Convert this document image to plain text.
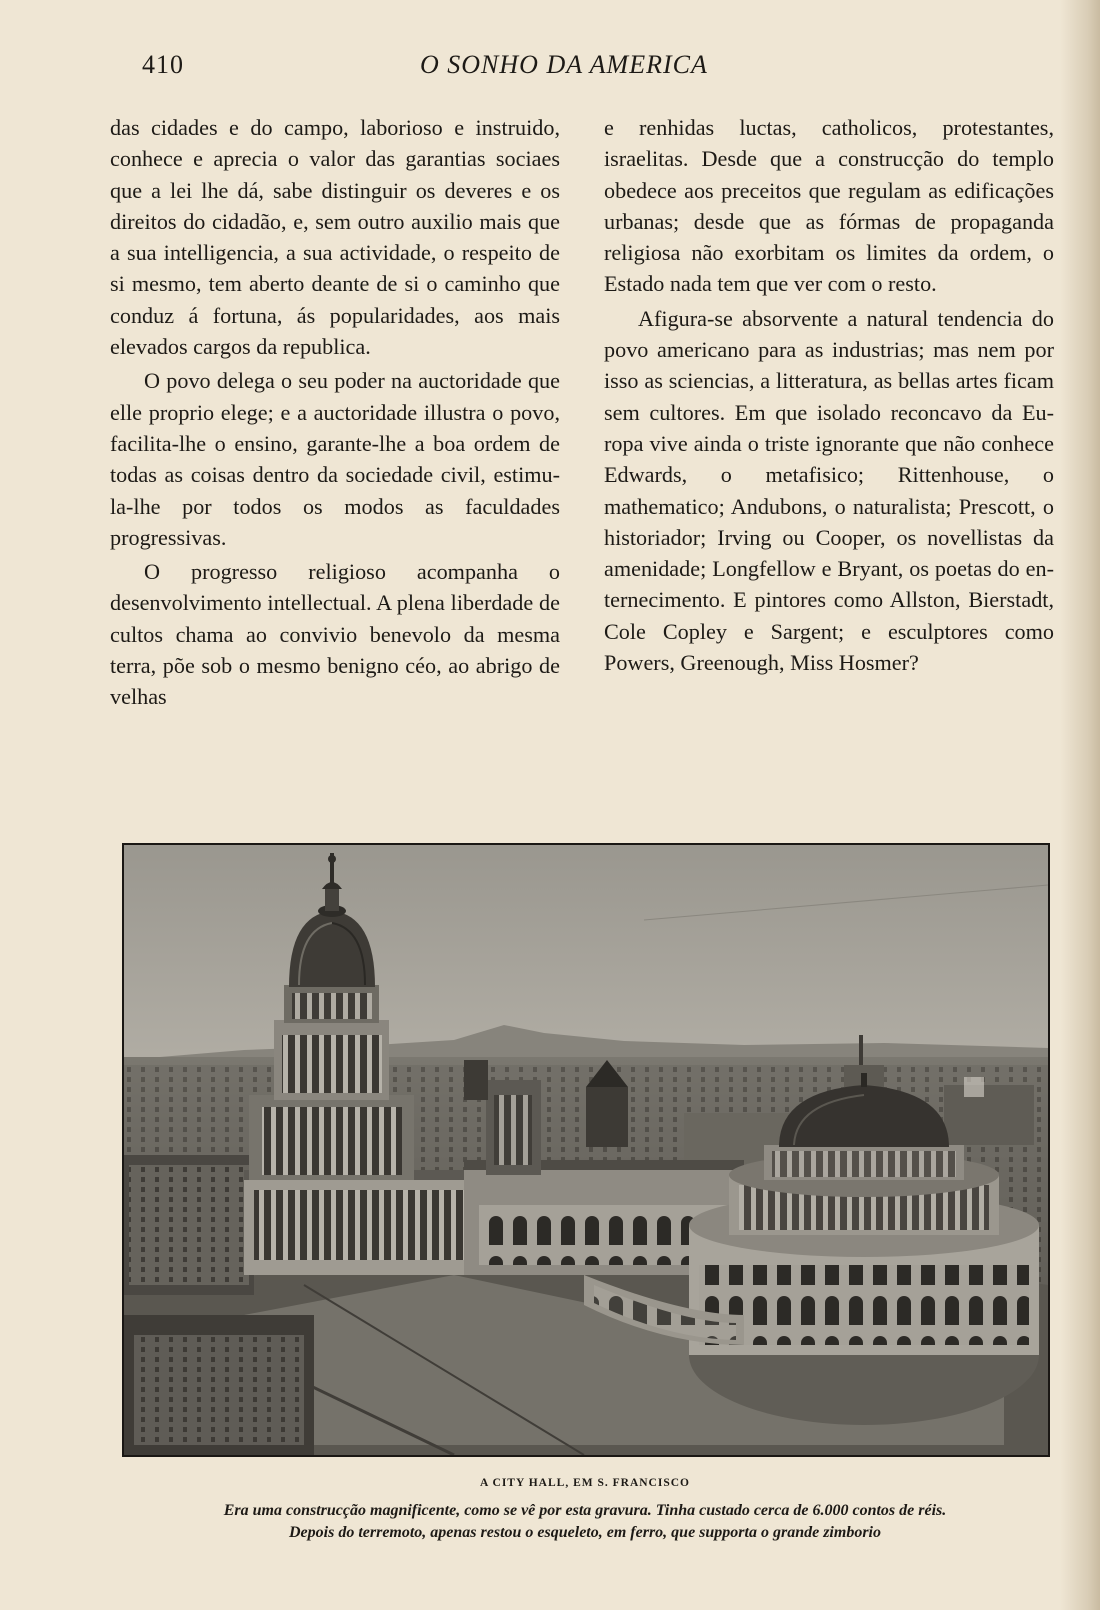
410	O SONHO DA AMERICA

das cidades e do campo, laborioso e instruido, conhece e aprecia o valor das garantias sociaes que a lei lhe dá, sabe distinguir os deveres e os direitos do cidadão, e, sem outro auxilio mais que a sua intelligencia, a sua actividade, o respeito de si mesmo, tem aberto deante de si o caminho que conduz á fortuna, ás popularidades, aos mais elevados cargos da republica.

O povo delega o seu poder na auctoridade que elle proprio elege; e a auctoridade illustra o povo, facilita-lhe o ensino, garante-lhe a boa ordem de todas as coisas dentro da sociedade civil, estimula-lhe por todos os modos as faculdades progressivas.

O progresso religioso acompanha o desenvolvimento intellectual. A plena liberdade de cultos chama ao convivio benevolo da mesma terra, põe sob o mesmo benigno céo, ao abrigo de velhas

e renhidas luctas, catholicos, protestantes, israelitas. Desde que a construcção do templo obedece aos preceitos que regulam as edificações urbanas; desde que as fórmas de propaganda religiosa não exorbitam os limites da ordem, o Estado nada tem que ver com o resto.

Afigura-se absorvente a natural tendencia do povo americano para as industrias; mas nem por isso as sciencias, a litteratura, as bellas artes ficam sem cultores. Em que isolado reconcavo da Europa vive ainda o triste ignorante que não conhece Edwards, o metafisico; Rittenhouse, o mathematico; Andubons, o naturalista; Prescott, o historiador; Irving ou Cooper, os novellistas da amenidade; Longfellow e Bryant, os poetas do enternecimento. E pintores como Allston, Bierstadt, Cole Copley e Sargent; e esculptores como Powers, Greenough, Miss Hosmer?

A CITY HALL, EM S. FRANCISCO
Era uma construcção magnificente, como se vê por esta gravura. Tinha custado cerca de 6.000 contos de réis.
Depois do terremoto, apenas restou o esqueleto, em ferro, que supporta o grande zimborio
